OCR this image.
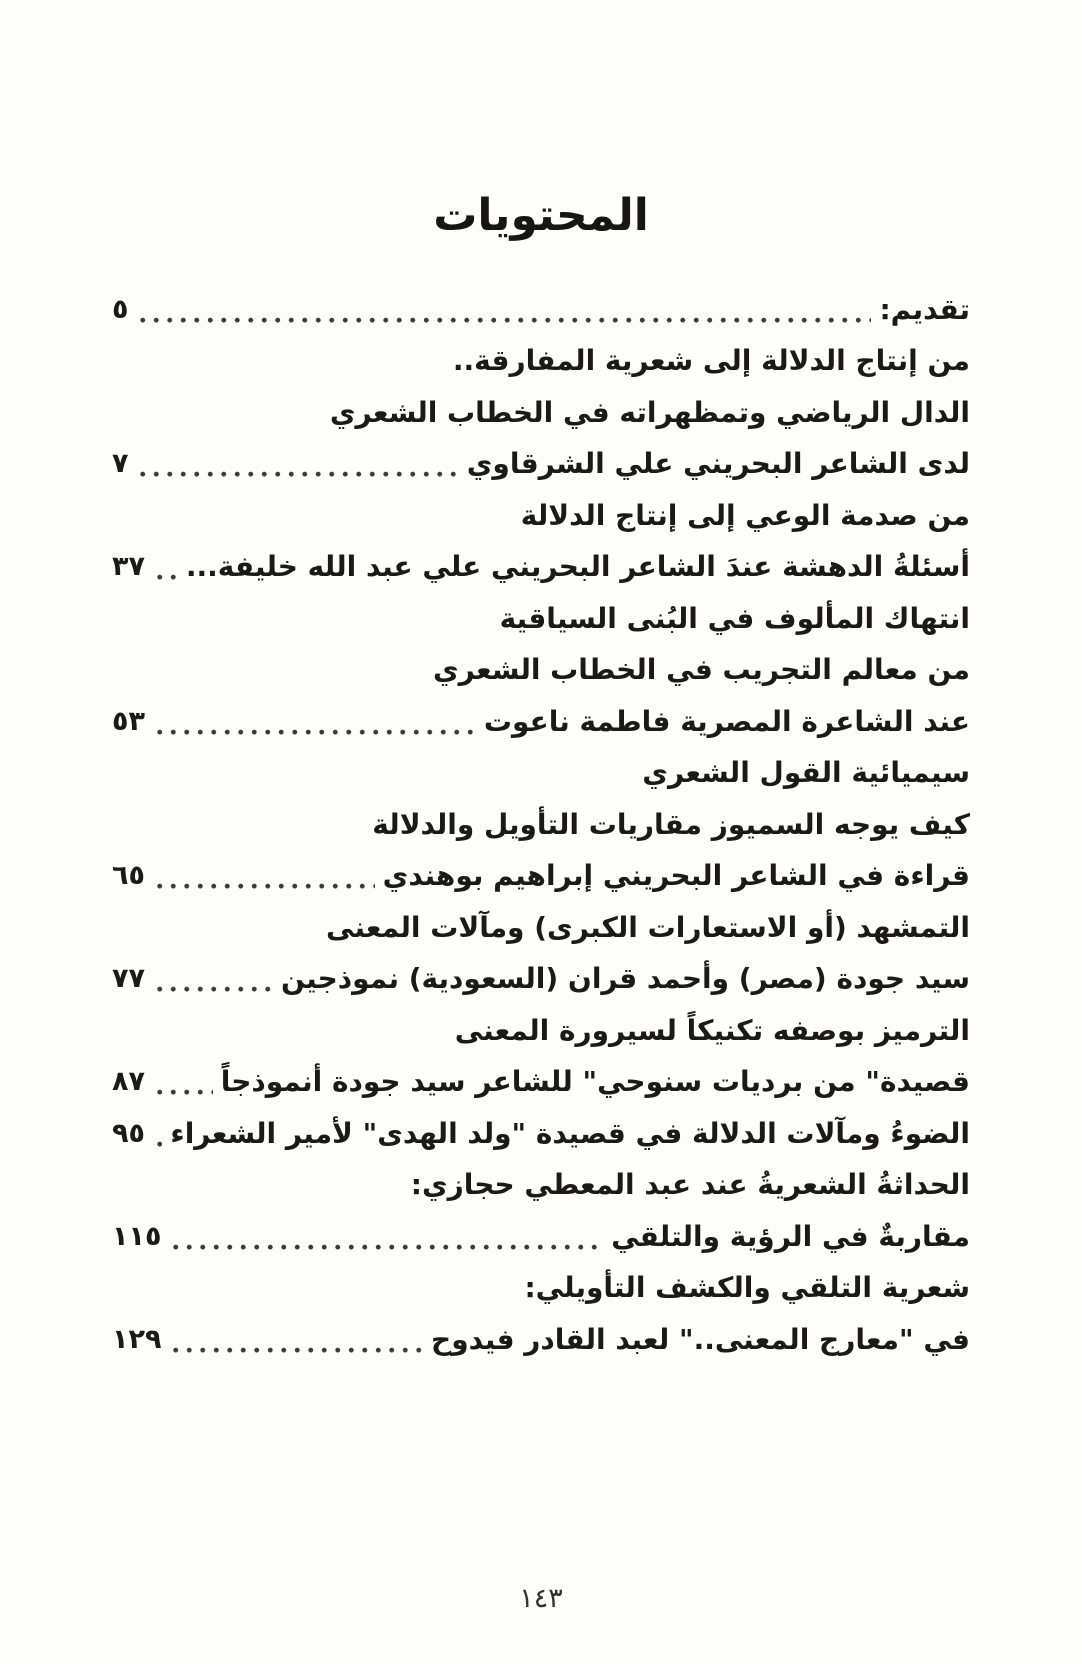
المحتويات
تقديم:
٥
من إنتاج الدلالة إلى شعرية المفارقة..
الدال الرياضي وتمظهراته في الخطاب الشعري
لدى الشاعر البحريني علي الشرقاوي
٧
من صدمة الوعي إلى إنتاج الدلالة
أسئلةُ الدهشة عندَ الشاعر البحريني علي عبد الله خليفة...
٣٧
انتهاك المألوف في البُنى السياقية
من معالم التجريب في الخطاب الشعري
عند الشاعرة المصرية فاطمة ناعوت
٥٣
سيميائية القول الشعري
كيف يوجه السميوز مقاريات التأويل والدلالة
قراءة في الشاعر البحريني إبراهيم بوهندي
٦٥
التمشهد (أو الاستعارات الكبرى) ومآلات المعنى
سيد جودة (مصر) وأحمد قران (السعودية) نموذجين
٧٧
الترميز بوصفه تكنيكاً لسيرورة المعنى
قصيدة" من برديات سنوحي" للشاعر سيد جودة أنموذجاً
٨٧
الضوءُ ومآلات الدلالة في قصيدة "ولد الهدى" لأمير الشعراء
٩٥
الحداثةُ الشعريةُ عند عبد المعطي حجازي:
مقاربةٌ في الرؤية والتلقي
١١٥
شعرية التلقي والكشف التأويلي:
في "معارج المعنى.." لعبد القادر فيدوح
١٢٩
١٤٣
